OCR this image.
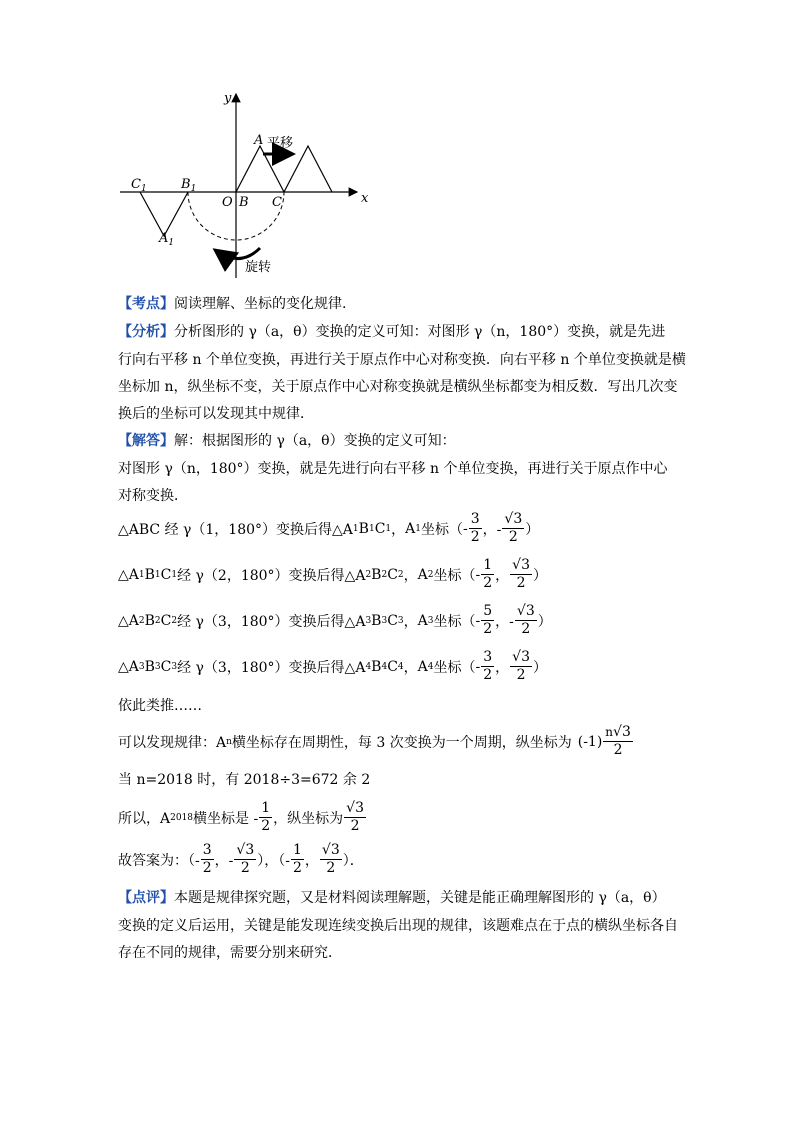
y
x
平移
旋转
A
O B C
$C_1$	$B_1$
$A_1$
【考点】阅读理解、坐标的变化规律.
【分析】分析图形的 γ（a，θ）变换的定义可知：对图形 γ（n，180°）变换，就是先进
行向右平移 n 个单位变换，再进行关于原点作中心对称变换．向右平移 n 个单位变换就是横
坐标加 n，纵坐标不变，关于原点作中心对称变换就是横纵坐标都变为相反数．写出几次变
换后的坐标可以发现其中规律．
【解答】解：根据图形的 γ（a，θ）变换的定义可知：
对图形 γ（n，180°）变换，就是先进行向右平移 n 个单位变换，再进行关于原点作中心
对称变换．
△ABC 经 γ（1，180°）变换后得△A 1 B 1 C 1 ， A 1 坐标（ - $\frac{3}{2}$ ，- $\frac{√3}{2}$ ）
△A 1 B 1 C 1 经 γ（2，180°）变换后得△A 2 B 2 C 2 ， A 2 坐标（ - $\frac{1}{2}$ ， $\frac{√3}{2}$ ）
△A 2 B 2 C 2 经 γ（3，180°）变换后得△A 3 B 3 C 3 ， A 3 坐标（ - $\frac{5}{2}$ ，- $\frac{√3}{2}$ ）
△A 3 B 3 C 3 经 γ（3，180°）变换后得△A 4 B 4 C 4 ， A 4 坐标（ - $\frac{3}{2}$ ， $\frac{√3}{2}$ ）
依此类推……
可以发现规律：A n 横坐标存在周期性，每 3 次变换为一个周期，纵坐标为 $(-1) \frac{n√3}{2}$
当 n=2018 时，有 2018÷3=672 余 2
所以，A 2018 横坐标是 - $\frac{1}{2}$ ，纵坐标为 $\frac{√3}{2}$
故答案为：（- $\frac{3}{2}$ ，- $\frac{√3}{2}$ ），（- $\frac{1}{2}$ ， $\frac{√3}{2}$ ）．
【点评】本题是规律探究题，又是材料阅读理解题，关键是能正确理解图形的 γ（a，θ）
变换的定义后运用，关键是能发现连续变换后出现的规律，该题难点在于点的横纵坐标各自
存在不同的规律，需要分别来研究．
